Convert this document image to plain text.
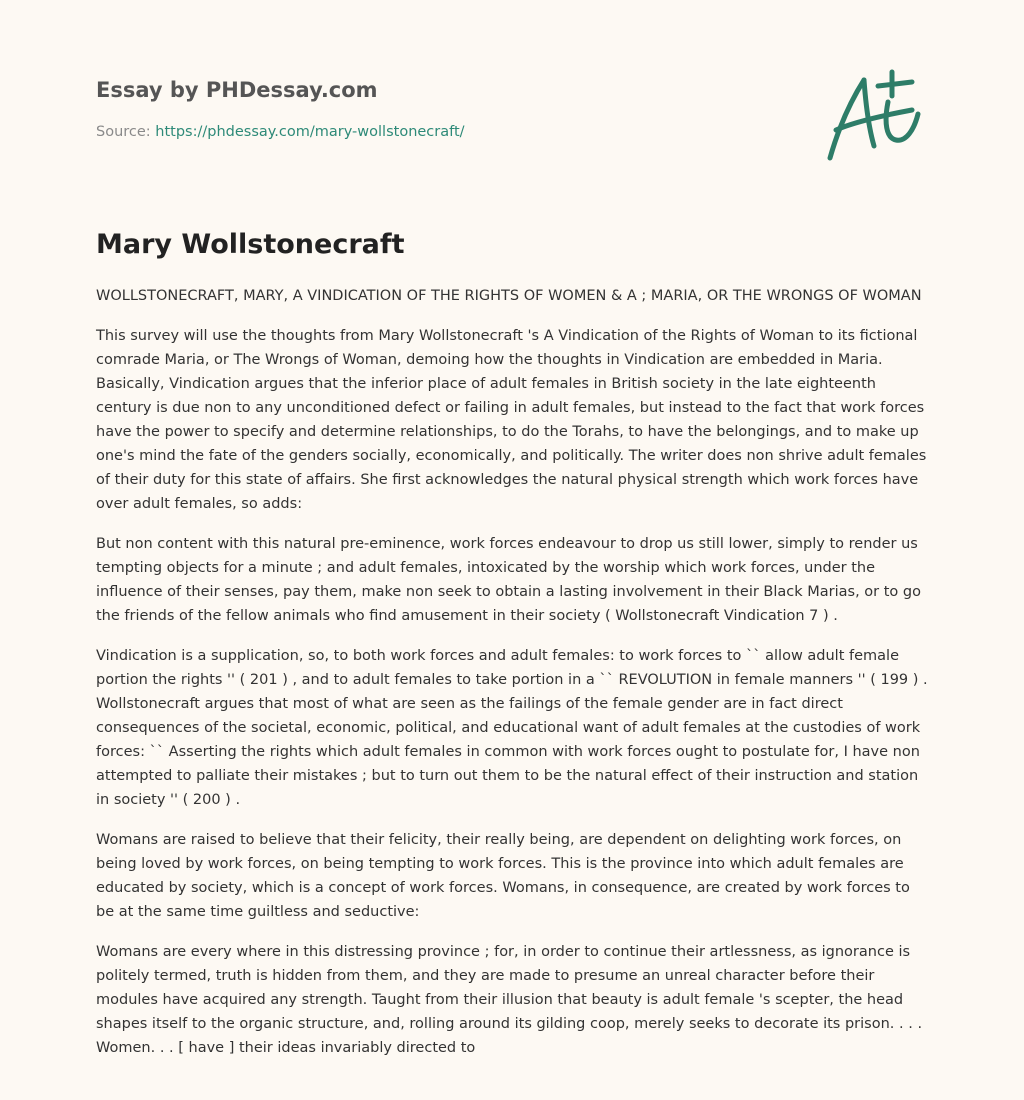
Essay by PHDessay.com
Source: https://phdessay.com/mary-wollstonecraft/
Mary Wollstonecraft
WOLLSTONECRAFT, MARY, A VINDICATION OF THE RIGHTS OF WOMEN & A ; MARIA, OR THE WRONGS OF WOMAN

This survey will use the thoughts from Mary Wollstonecraft 's A Vindication of the Rights of Woman to its fictional comrade Maria, or The Wrongs of Woman, demoing how the thoughts in Vindication are embedded in Maria. Basically, Vindication argues that the inferior place of adult females in British society in the late eighteenth century is due non to any unconditioned defect or failing in adult females, but instead to the fact that work forces have the power to specify and determine relationships, to do the Torahs, to have the belongings, and to make up one's mind the fate of the genders socially, economically, and politically. The writer does non shrive adult females of their duty for this state of affairs. She first acknowledges the natural physical strength which work forces have over adult females, so adds:

But non content with this natural pre-eminence, work forces endeavour to drop us still lower, simply to render us tempting objects for a minute ; and adult females, intoxicated by the worship which work forces, under the influence of their senses, pay them, make non seek to obtain a lasting involvement in their Black Marias, or to go the friends of the fellow animals who find amusement in their society ( Wollstonecraft Vindication 7 ) .

Vindication is a supplication, so, to both work forces and adult females: to work forces to `` allow adult female portion the rights '' ( 201 ) , and to adult females to take portion in a `` REVOLUTION in female manners '' ( 199 ) . Wollstonecraft argues that most of what are seen as the failings of the female gender are in fact direct consequences of the societal, economic, political, and educational want of adult females at the custodies of work forces: `` Asserting the rights which adult females in common with work forces ought to postulate for, I have non attempted to palliate their mistakes ; but to turn out them to be the natural effect of their instruction and station in society '' ( 200 ) .

Womans are raised to believe that their felicity, their really being, are dependent on delighting work forces, on being loved by work forces, on being tempting to work forces. This is the province into which adult females are educated by society, which is a concept of work forces. Womans, in consequence, are created by work forces to be at the same time guiltless and seductive:

Womans are every where in this distressing province ; for, in order to continue their artlessness, as ignorance is politely termed, truth is hidden from them, and they are made to presume an unreal character before their modules have acquired any strength. Taught from their illusion that beauty is adult female 's scepter, the head shapes itself to the organic structure, and, rolling around its gilding coop, merely seeks to decorate its prison. . . . Women. . . [ have ] their ideas invariably directed to
